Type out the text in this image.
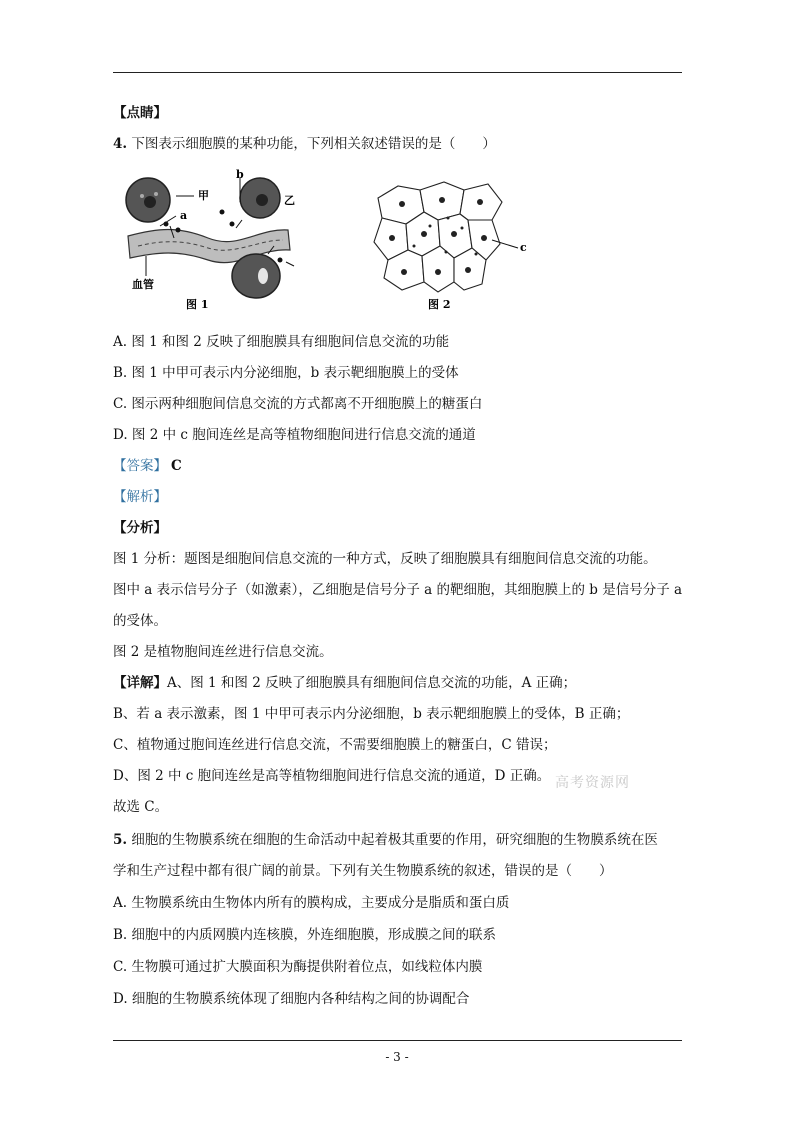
【点睛】
4. 下图表示细胞膜的某种功能，下列相关叙述错误的是（　　）
甲
a
b
乙
血管
图 1
c
图 2
A. 图 1 和图 2 反映了细胞膜具有细胞间信息交流的功能
B. 图 1 中甲可表示内分泌细胞，b 表示靶细胞膜上的受体
C. 图示两种细胞间信息交流的方式都离不开细胞膜上的糖蛋白
D. 图 2 中 c 胞间连丝是高等植物细胞间进行信息交流的通道
【答案】 C
【解析】
【分析】
图 1 分析：题图是细胞间信息交流的一种方式，反映了细胞膜具有细胞间信息交流的功能。
图中 a 表示信号分子（如激素），乙细胞是信号分子 a 的靶细胞，其细胞膜上的 b 是信号分子 a
的受体。
图 2 是植物胞间连丝进行信息交流。
【详解】A、图 1 和图 2 反映了细胞膜具有细胞间信息交流的功能，A 正确；
B、若 a 表示激素，图 1 中甲可表示内分泌细胞，b 表示靶细胞膜上的受体，B 正确；
C、植物通过胞间连丝进行信息交流，不需要细胞膜上的糖蛋白，C 错误；
D、图 2 中 c 胞间连丝是高等植物细胞间进行信息交流的通道，D 正确。
故选 C。
高考资源网
5. 细胞的生物膜系统在细胞的生命活动中起着极其重要的作用，研究细胞的生物膜系统在医
学和生产过程中都有很广阔的前景。下列有关生物膜系统的叙述，错误的是（　　）
A. 生物膜系统由生物体内所有的膜构成，主要成分是脂质和蛋白质
B. 细胞中的内质网膜内连核膜，外连细胞膜，形成膜之间的联系
C. 生物膜可通过扩大膜面积为酶提供附着位点，如线粒体内膜
D. 细胞的生物膜系统体现了细胞内各种结构之间的协调配合
- 3 -
